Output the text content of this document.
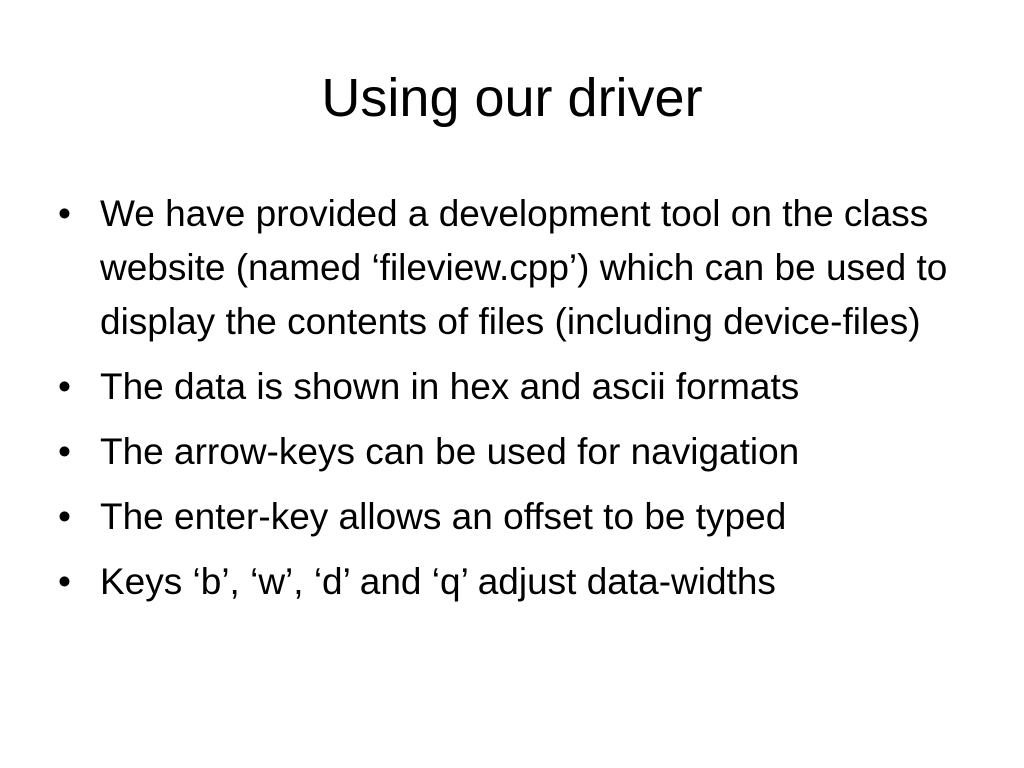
Using our driver
• We have provided a development tool on the class website (named ‘fileview.cpp’) which can be used to display the contents of files (including device-files)
• The data is shown in hex and ascii formats
• The arrow-keys can be used for navigation
• The enter-key allows an offset to be typed
• Keys ‘b’, ‘w’, ‘d’ and ‘q’ adjust data-widths
